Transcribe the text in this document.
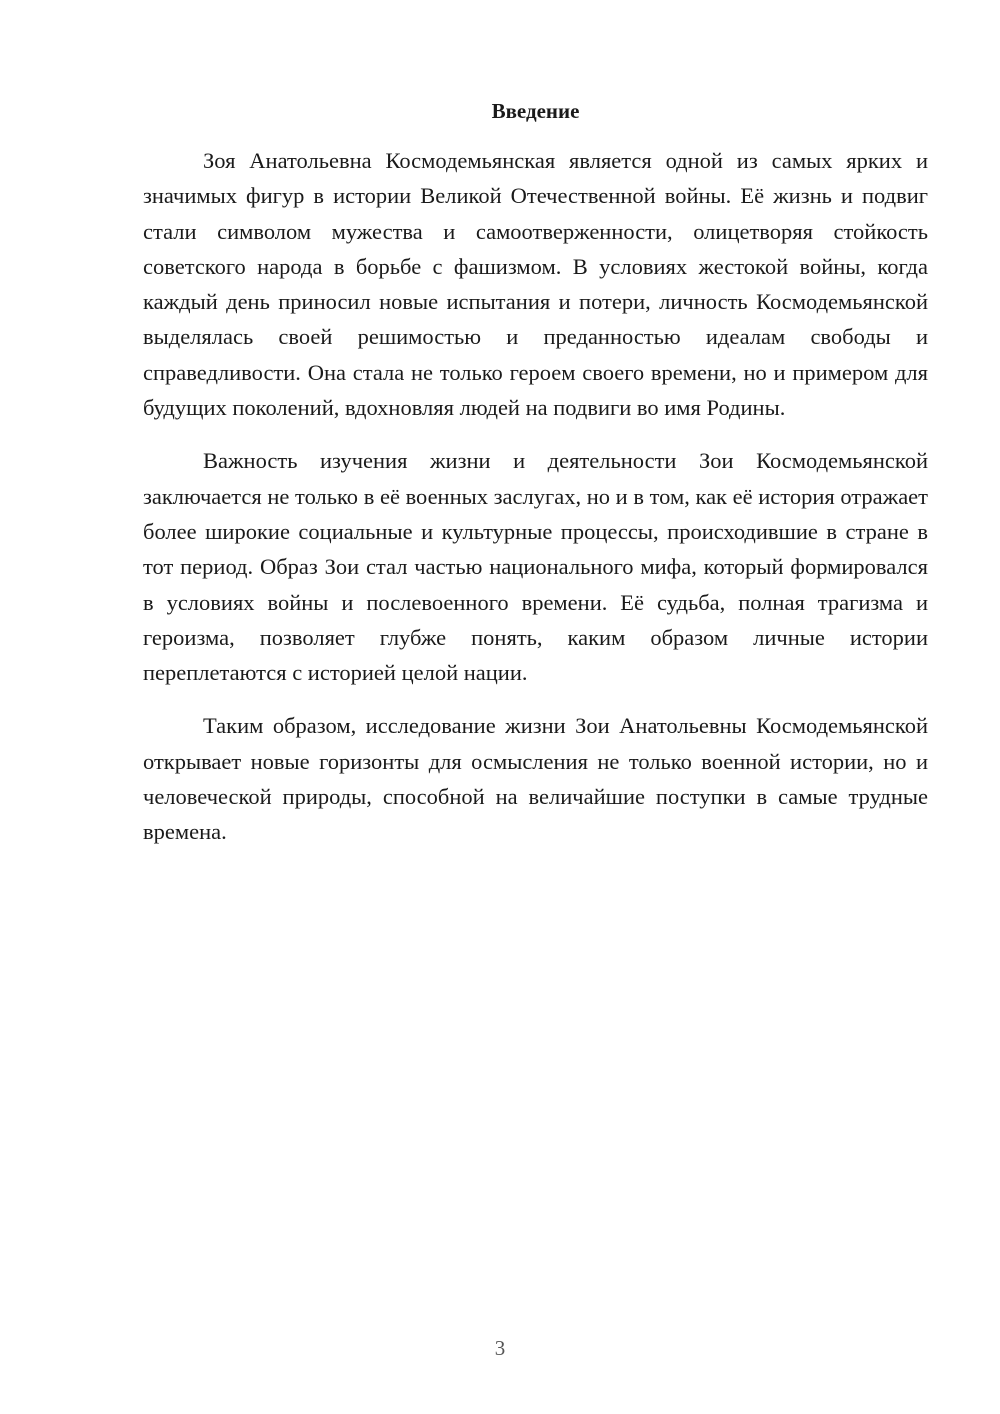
Введение

Зоя Анатольевна Космодемьянская является одной из самых ярких и значимых фигур в истории Великой Отечественной войны. Её жизнь и подвиг стали символом мужества и самоотверженности, олицетворяя стойкость советского народа в борьбе с фашизмом. В условиях жестокой войны, когда каждый день приносил новые испытания и потери, личность Космодемьянской выделялась своей решимостью и преданностью идеалам свободы и справедливости. Она стала не только героем своего времени, но и примером для будущих поколений, вдохновляя людей на подвиги во имя Родины.

Важность изучения жизни и деятельности Зои Космодемьянской заключается не только в её военных заслугах, но и в том, как её история отражает более широкие социальные и культурные процессы, происходившие в стране в тот период. Образ Зои стал частью национального мифа, который формировался в условиях войны и послевоенного времени. Её судьба, полная трагизма и героизма, позволяет глубже понять, каким образом личные истории переплетаются с историей целой нации.

Таким образом, исследование жизни Зои Анатольевны Космодемьянской открывает новые горизонты для осмысления не только военной истории, но и человеческой природы, способной на величайшие поступки в самые трудные времена.

3
